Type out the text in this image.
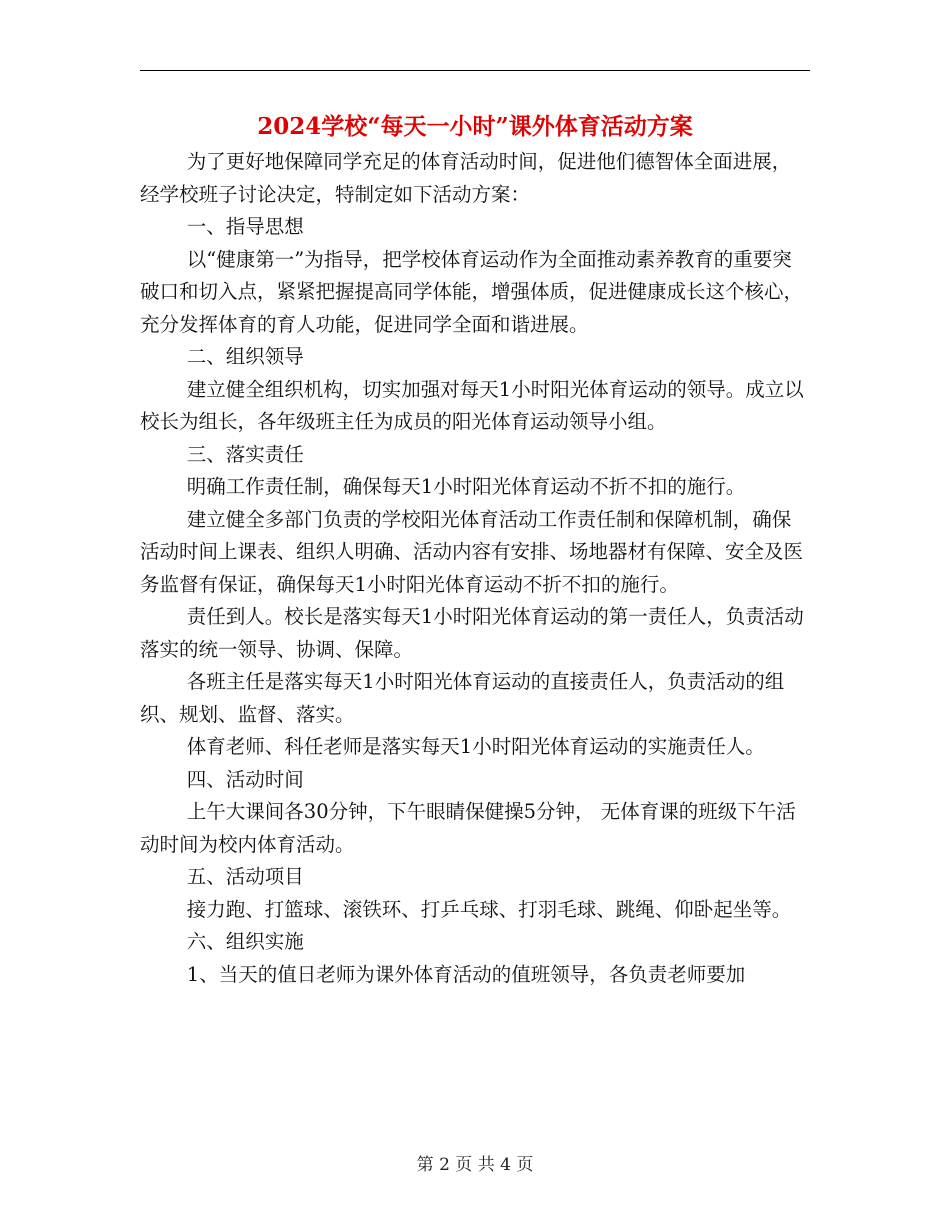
2024学校“每天一小时”课外体育活动方案

为了更好地保障同学充足的体育活动时间，促进他们德智体全面进展，经学校班子讨论决定，特制定如下活动方案：

一、指导思想

以“健康第一”为指导，把学校体育运动作为全面推动素养教育的重要突破口和切入点，紧紧把握提高同学体能，增强体质，促进健康成长这个核心，充分发挥体育的育人功能，促进同学全面和谐进展。

二、组织领导

建立健全组织机构，切实加强对每天1小时阳光体育运动的领导。成立以校长为组长，各年级班主任为成员的阳光体育运动领导小组。

三、落实责任

明确工作责任制，确保每天1小时阳光体育运动不折不扣的施行。

建立健全多部门负责的学校阳光体育活动工作责任制和保障机制，确保活动时间上课表、组织人明确、活动内容有安排、场地器材有保障、安全及医务监督有保证，确保每天1小时阳光体育运动不折不扣的施行。

责任到人。校长是落实每天1小时阳光体育运动的第一责任人，负责活动落实的统一领导、协调、保障。

各班主任是落实每天1小时阳光体育运动的直接责任人，负责活动的组织、规划、监督、落实。

体育老师、科任老师是落实每天1小时阳光体育运动的实施责任人。

四、活动时间

上午大课间各30分钟，下午眼睛保健操5分钟， 无体育课的班级下午活动时间为校内体育活动。

五、活动项目

接力跑、打篮球、滚铁环、打乒乓球、打羽毛球、跳绳、仰卧起坐等。

六、组织实施

1、当天的值日老师为课外体育活动的值班领导，各负责老师要加

第 2 页 共 4 页
